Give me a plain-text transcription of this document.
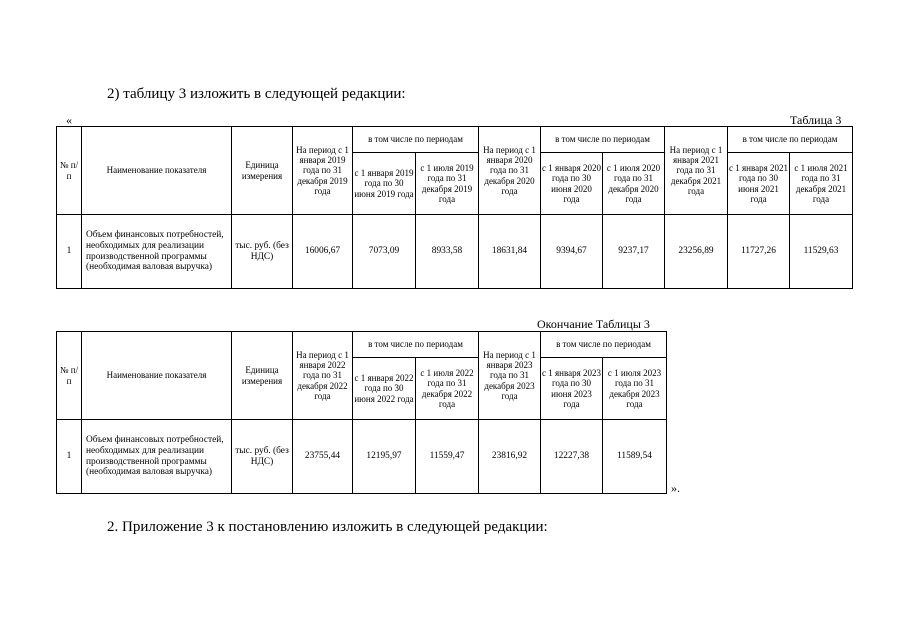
2) таблицу 3 изложить в следующей редакции:
«	Таблица 3
№ п/п	Наименование показателя	Единица измерения	На период с 1 января 2019 года по 31 декабря 2019 года	в том числе по периодам		На период с 1 января 2020 года по 31 декабря 2020 года	в том числе по периодам		На период с 1 января 2021 года по 31 декабря 2021 года	в том числе по периодам	
				с 1 января 2019 года по 30 июня 2019 года	с 1 июля 2019 года по 31 декабря 2019 года		с 1 января 2020 года по 30 июня 2020 года	с 1 июля 2020 года по 31 декабря 2020 года		с 1 января 2021 года по 30 июня 2021 года	с 1 июля 2021 года по 31 декабря 2021 года
1	Объем финансовых потребностей, необходимых для реализации производственной программы (необходимая валовая выручка)	тыс. руб. (без НДС)	16006,67	7073,09	8933,58	18631,84	9394,67	9237,17	23256,89	11727,26	11529,63
Окончание Таблицы 3
№ п/п	Наименование показателя	Единица измерения	На период с 1 января 2022 года по 31 декабря 2022 года	в том числе по периодам		На период с 1 января 2023 года по 31 декабря 2023 года	в том числе по периодам	
				с 1 января 2022 года по 30 июня 2022 года	с 1 июля 2022 года по 31 декабря 2022 года		с 1 января 2023 года по 30 июня 2023 года	с 1 июля 2023 года по 31 декабря 2023 года
1	Объем финансовых потребностей, необходимых для реализации производственной программы (необходимая валовая выручка)	тыс. руб. (без НДС)	23755,44	12195,97	11559,47	23816,92	12227,38	11589,54
».
2. Приложение 3 к постановлению изложить в следующей редакции:
